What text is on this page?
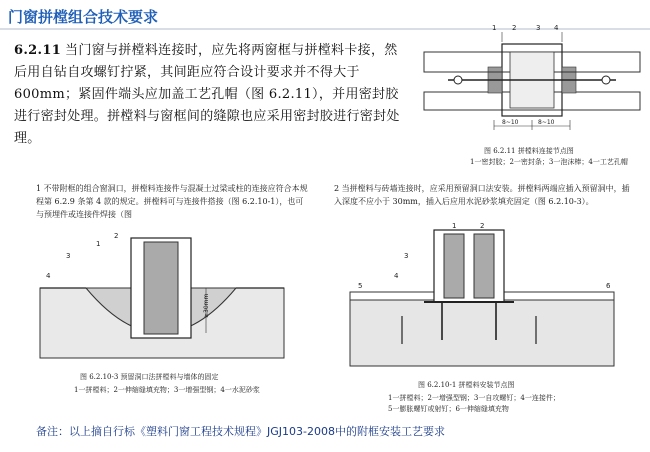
门窗拼樘组合技术要求
6.2.11 当门窗与拼樘料连接时，应先将两窗框与拼樘料卡接，然后用自钻自攻螺钉拧紧，其间距应符合设计要求并不得大于600mm；紧固件端头应加盖工艺孔帽（图 6.2.11），并用密封胶进行密封处理。拼樘料与窗框间的缝隙也应采用密封胶进行密封处理。
8~10	8~10
1 2	3 4
图 6.2.11 拼樘料连接节点图
1一密封胶；2一密封条；3一泡沫棒；4一工艺孔帽
1 不带附框的组合窗洞口，拼樘料连接件与混凝土过梁或柱的连接应符合本规程第 6.2.9 条第 4 款的规定。拼樘料可与连接件搭接（图 6.2.10-1），也可与预埋件或连接件焊接（图
2 当拼樘料与砖墙连接时，应采用预留洞口法安装。拼樘料两端应插入预留洞中，插入深度不应小于 30mm，插入后应用水泥砂浆填充固定（图 6.2.10-3）。
≥30mm
1
2
3
4
图 6.2.10-3 预留洞口法拼樘料与墙体的固定
1一拼樘料；2一伸缩缝填充物；3一增强型钢；4一水泥砂浆
1	2
3
4
5	6
图 6.2.10-1 拼樘料安装节点图
1一拼樘料；2一增强型钢；3一自攻螺钉；4一连接件；
5一膨胀螺钉或射钉；6一伸缩缝填充物
备注：以上摘自行标《塑料门窗工程技术规程》JGJ103-2008中的附框安装工艺要求
